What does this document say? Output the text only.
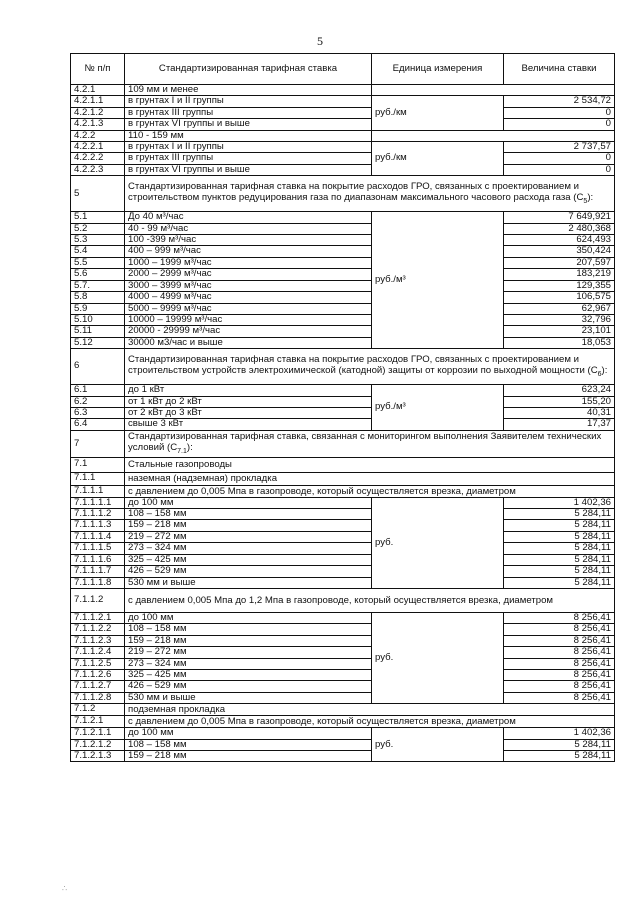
5
№ п/п	Стандартизированная тарифная ставка	Единица измерения	Величина ставки
4.2.1	109 мм и менее		
4.2.1.1	в грунтах I и II группы	руб./км	2 534,72
4.2.1.2	в грунтах III группы		0
4.2.1.3	в грунтах VI группы и выше		0
4.2.2	110 - 159 мм		
4.2.2.1	в грунтах I и II группы	руб./км	2 737,57
4.2.2.2	в грунтах III группы		0
4.2.2.3	в грунтах VI группы и выше		0
5	Стандартизированная тарифная ставка на покрытие расходов ГРО, связанных с проектированием и строительством пунктов редуцирования газа по диапазонам максимального часового расхода газа $(С_5)$:		
5.1	До 40 м³/час	руб./м³	7 649,921
5.2	40 - 99 м³/час		2 480,368
5.3	100 -399 м³/час		624,493
5.4	400 – 999 м³/час		350,424
5.5	1000 – 1999 м³/час		207,597
5.6	2000 – 2999 м³/час		183,219
5.7.	3000 – 3999 м³/час		129,355
5.8	4000 – 4999 м³/час		106,575
5.9	5000 – 9999 м³/час		62,967
5.10	10000 – 19999 м³/час		32,796
5.11	20000 - 29999 м³/час		23,101
5.12	30000 м3/час и выше		18,053
6	Стандартизированная тарифная ставка на покрытие расходов ГРО, связанных с проектированием и строительством устройств электрохимической (катодной) защиты от коррозии по выходной мощности $(С_6)$:		
6.1	до 1 кВт	руб./м³	623,24
6.2	от 1 кВт до 2 кВт		155,20
6.3	от 2 кВт до 3 кВт		40,31
6.4	свыше 3 кВт		17,37
7	Стандартизированная тарифная ставка, связанная с мониторингом выполнения Заявителем технических условий $(С_{7.1})$:		
7.1	Стальные газопроводы		
7.1.1	наземная (надземная) прокладка		
7.1.1.1	с давлением до 0,005 Мпа в газопроводе, который осуществляется врезка, диаметром		
7.1.1.1.1	до 100 мм	руб.	1 402,36
7.1.1.1.2	108 – 158 мм		5 284,11
7.1.1.1.3	159 – 218 мм		5 284,11
7.1.1.1.4	219 – 272 мм		5 284,11
7.1.1.1.5	273 – 324 мм		5 284,11
7.1.1.1.6	325 – 425 мм		5 284,11
7.1.1.1.7	426 – 529 мм		5 284,11
7.1.1.1.8	530 мм и выше		5 284,11
7.1.1.2	с давлением 0,005 Мпа до 1,2 Мпа в газопроводе, который осуществляется врезка, диаметром		
7.1.1.2.1	до 100 мм	руб.	8 256,41
7.1.1.2.2	108 – 158 мм		8 256,41
7.1.1.2.3	159 – 218 мм		8 256,41
7.1.1.2.4	219 – 272 мм		8 256,41
7.1.1.2.5	273 – 324 мм		8 256,41
7.1.1.2.6	325 – 425 мм		8 256,41
7.1.1.2.7	426 – 529 мм		8 256,41
7.1.1.2.8	530 мм и выше		8 256,41
7.1.2	подземная прокладка		
7.1.2.1	с давлением до 0,005 Мпа в газопроводе, который осуществляется врезка, диаметром		
7.1.2.1.1	до 100 мм	руб.	1 402,36
7.1.2.1.2	108 – 158 мм		5 284,11
7.1.2.1.3	159 – 218 мм		5 284,11
∴
